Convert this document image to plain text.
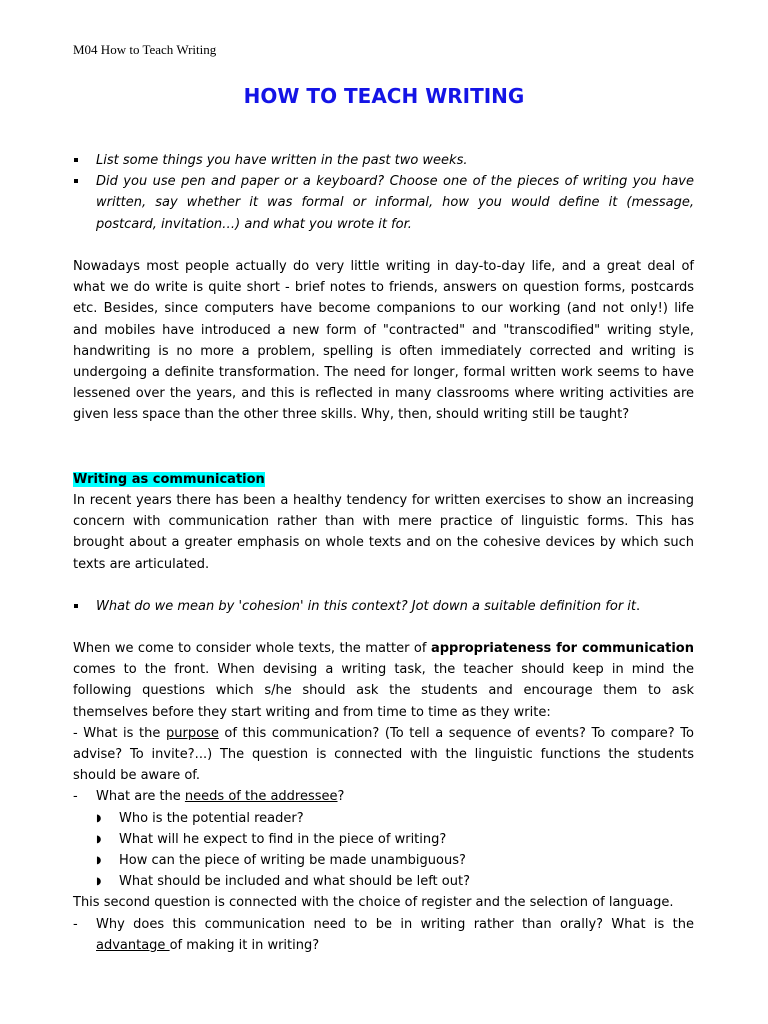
M04 How to Teach Writing
HOW TO TEACH WRITING
List some things you have written in the past two weeks.
Did you use pen and paper or a keyboard? Choose one of the pieces of writing you have written, say whether it was formal or informal, how you would define it (message, postcard, invitation…) and what you wrote it for.
Nowadays most people actually do very little writing in day-to-day life, and a great deal of what we do write is quite short - brief notes to friends, answers on question forms, postcards etc. Besides, since computers have become companions to our working (and not only!) life and mobiles have introduced a new form of "contracted" and "transcodified" writing style, handwriting is no more a problem, spelling is often immediately corrected and writing is undergoing a definite transformation. The need for longer, formal written work seems to have lessened over the years, and this is reflected in many classrooms where writing activities are given less space than the other three skills. Why, then, should writing still be taught?
Writing as communication
In recent years there has been a healthy tendency for written exercises to show an increasing concern with communication rather than with mere practice of linguistic forms. This has brought about a greater emphasis on whole texts and on the cohesive devices by which such texts are articulated.
What do we mean by 'cohesion' in this context? Jot down a suitable definition for it.
When we come to consider whole texts, the matter of appropriateness for communication comes to the front. When devising a writing task, the teacher should keep in mind the following questions which s/he should ask the students and encourage them to ask themselves before they start writing and from time to time as they write:
- What is the purpose of this communication? (To tell a sequence of events? To compare? To advise? To invite?...) The question is connected with the linguistic functions the students should be aware of.
- What are the needs of the addressee?
◗ Who is the potential reader?
◗ What will he expect to find in the piece of writing?
◗ How can the piece of writing be made unambiguous?
◗ What should be included and what should be left out?
This second question is connected with the choice of register and the selection of language.
- Why does this communication need to be in writing rather than orally? What is the advantage of making it in writing?
